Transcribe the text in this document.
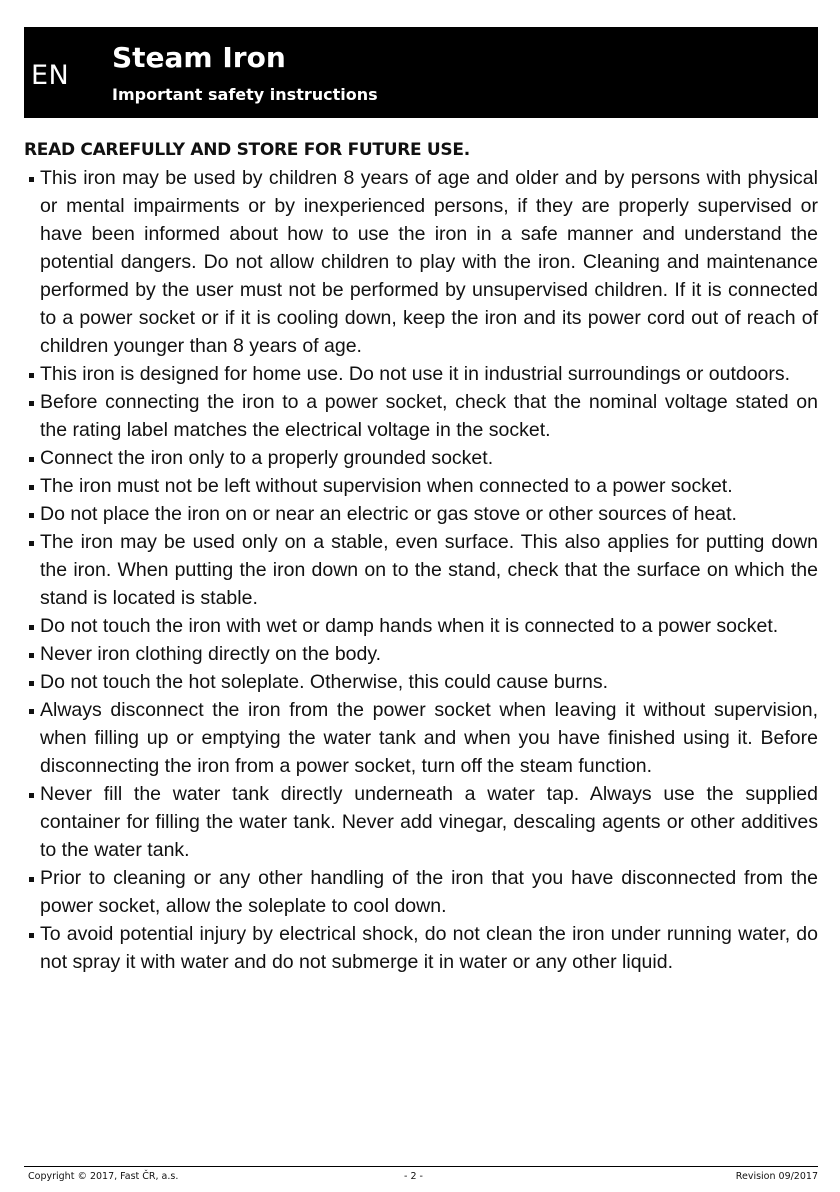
EN
Steam Iron
Important safety instructions

READ CAREFULLY AND STORE FOR FUTURE USE.

This iron may be used by children 8 years of age and older and by persons with physical or mental impairments or by inexperienced persons, if they are properly supervised or have been informed about how to use the iron in a safe manner and understand the potential dangers. Do not allow children to play with the iron. Cleaning and maintenance performed by the user must not be performed by unsupervised children. If it is connected to a power socket or if it is cooling down, keep the iron and its power cord out of reach of children younger than 8 years of age.
This iron is designed for home use. Do not use it in industrial surroundings or outdoors.
Before connecting the iron to a power socket, check that the nominal voltage stated on the rating label matches the electrical voltage in the socket.
Connect the iron only to a properly grounded socket.
The iron must not be left without supervision when connected to a power socket.
Do not place the iron on or near an electric or gas stove or other sources of heat.
The iron may be used only on a stable, even surface. This also applies for putting down the iron. When putting the iron down on to the stand, check that the surface on which the stand is located is stable.
Do not touch the iron with wet or damp hands when it is connected to a power socket.
Never iron clothing directly on the body.
Do not touch the hot soleplate. Otherwise, this could cause burns.
Always disconnect the iron from the power socket when leaving it without supervision, when filling up or emptying the water tank and when you have finished using it. Before disconnecting the iron from a power socket, turn off the steam function.
Never fill the water tank directly underneath a water tap. Always use the supplied container for filling the water tank. Never add vinegar, descaling agents or other additives to the water tank.
Prior to cleaning or any other handling of the iron that you have disconnected from the power socket, allow the soleplate to cool down.
To avoid potential injury by electrical shock, do not clean the iron under running water, do not spray it with water and do not submerge it in water or any other liquid.
Copyright © 2017, Fast ČR, a.s.	- 2 -	Revision 09/2017
